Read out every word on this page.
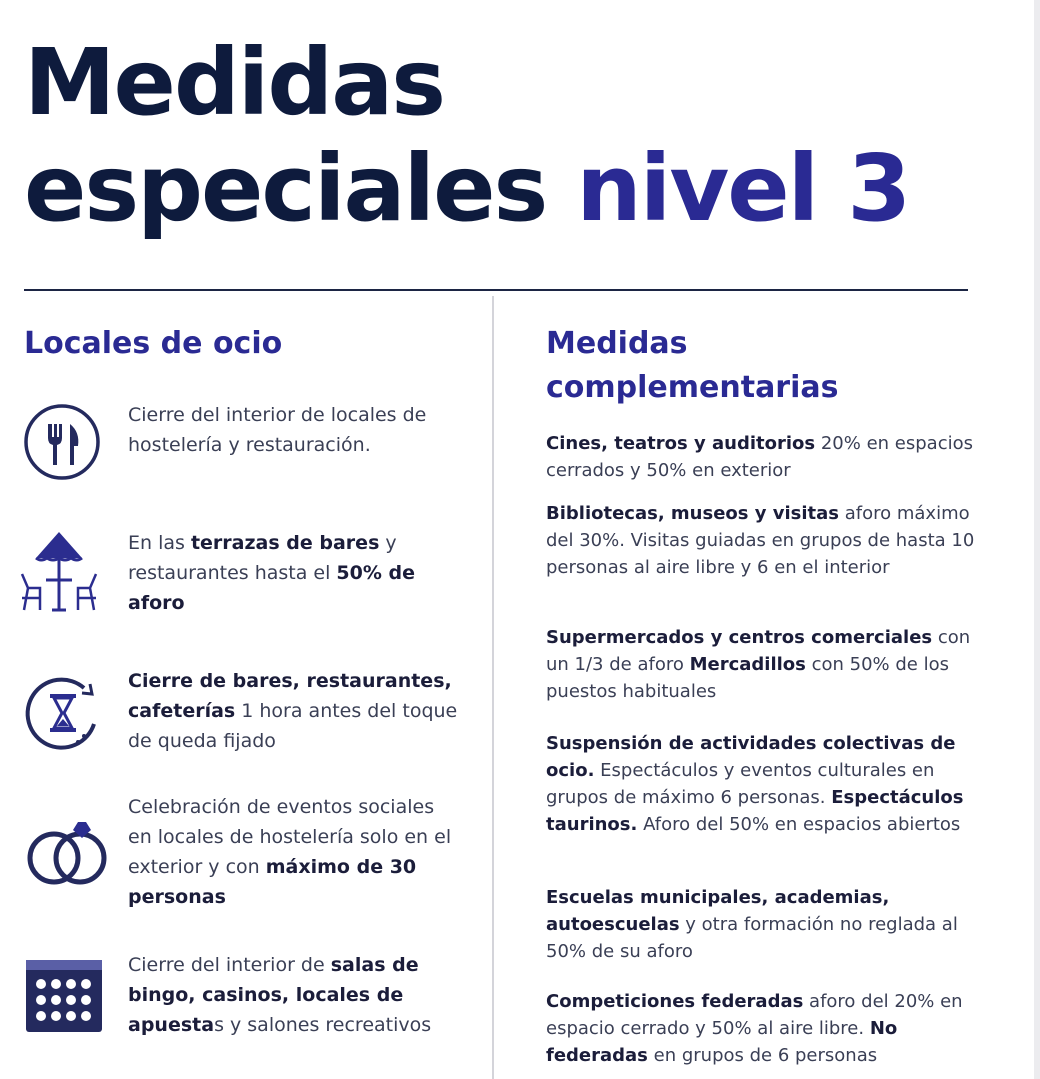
Medidas
especiales nivel 3
Locales de ocio
Cierre del interior de locales de hostelería y restauración.
En las terrazas de bares y restaurantes hasta el 50% de aforo
Cierre de bares, restaurantes, cafeterías 1 hora antes del toque de queda fijado
Celebración de eventos sociales en locales de hostelería solo en el exterior y con máximo de 30 personas
Cierre del interior de salas de bingo, casinos, locales de apuestas y salones recreativos
Medidas
complementarias
Cines, teatros y auditorios 20% en espacios cerrados y 50% en exterior
Bibliotecas, museos y visitas aforo máximo del 30%. Visitas guiadas en grupos de hasta 10 personas al aire libre y 6 en el interior
Supermercados y centros comerciales con un 1/3 de aforo Mercadillos con 50% de los puestos habituales
Suspensión de actividades colectivas de ocio. Espectáculos y eventos culturales en grupos de máximo 6 personas. Espectáculos taurinos. Aforo del 50% en espacios abiertos
Escuelas municipales, academias, autoescuelas y otra formación no reglada al 50% de su aforo
Competiciones federadas aforo del 20% en espacio cerrado y 50% al aire libre. No federadas en grupos de 6 personas
